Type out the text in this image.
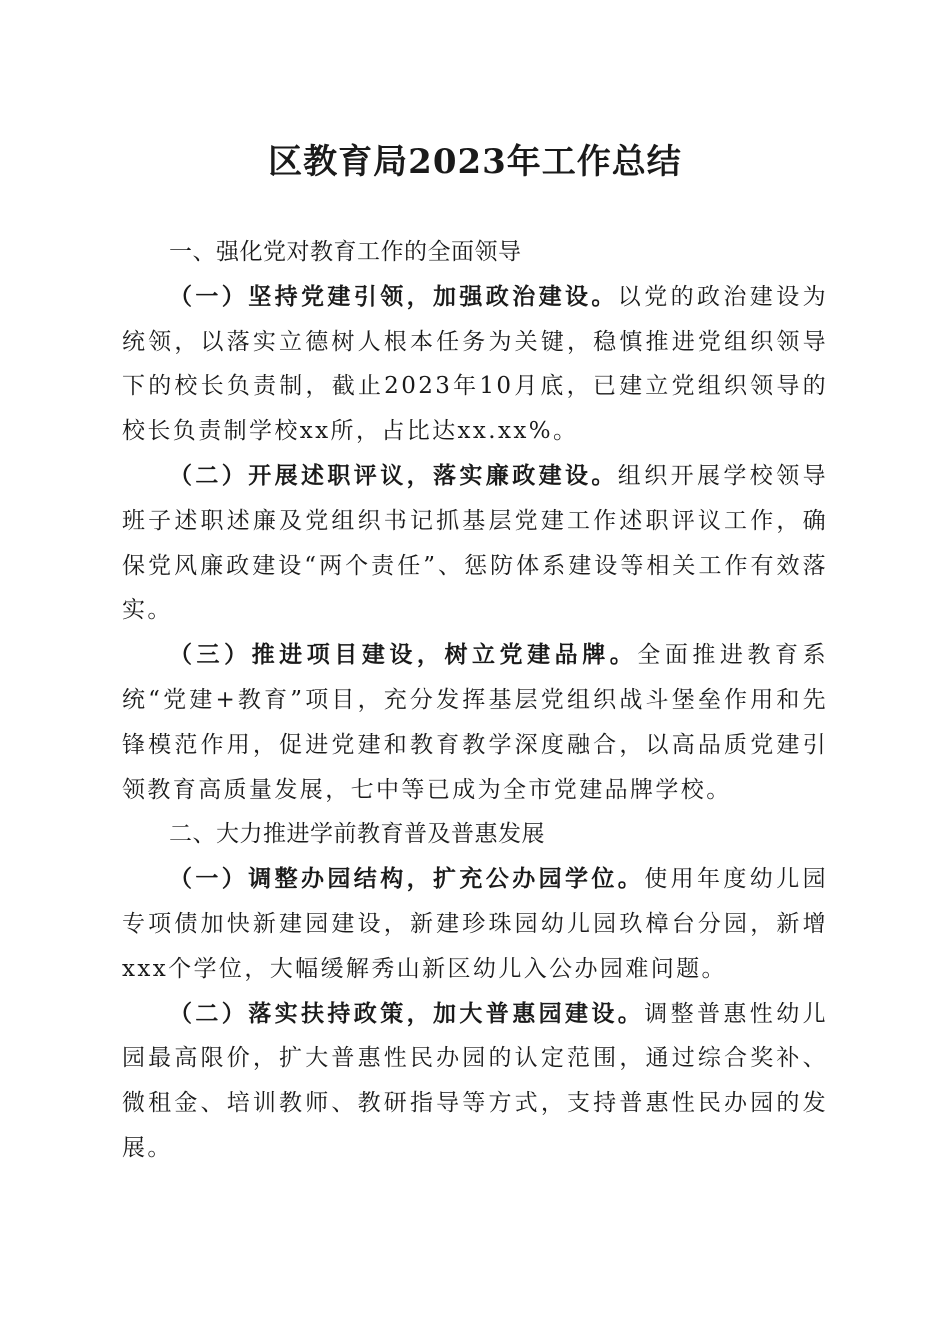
区教育局2023年工作总结

一、强化党对教育工作的全面领导

（一）坚持党建引领，加强政治建设。以党的政治建设为统领，以落实立德树人根本任务为关键，稳慎推进党组织领导下的校长负责制，截止2023年10月底，已建立党组织领导的校长负责制学校xx所，占比达xx.xx%。

（二）开展述职评议，落实廉政建设。组织开展学校领导班子述职述廉及党组织书记抓基层党建工作述职评议工作，确保党风廉政建设“两个责任”、惩防体系建设等相关工作有效落实。

（三）推进项目建设，树立党建品牌。全面推进教育系统“党建+教育”项目，充分发挥基层党组织战斗堡垒作用和先锋模范作用，促进党建和教育教学深度融合，以高品质党建引领教育高质量发展，七中等已成为全市党建品牌学校。

二、大力推进学前教育普及普惠发展

（一）调整办园结构，扩充公办园学位。使用年度幼儿园专项债加快新建园建设，新建珍珠园幼儿园玖樟台分园，新增xxx个学位，大幅缓解秀山新区幼儿入公办园难问题。

（二）落实扶持政策，加大普惠园建设。调整普惠性幼儿园最高限价，扩大普惠性民办园的认定范围，通过综合奖补、微租金、培训教师、教研指导等方式，支持普惠性民办园的发展。
